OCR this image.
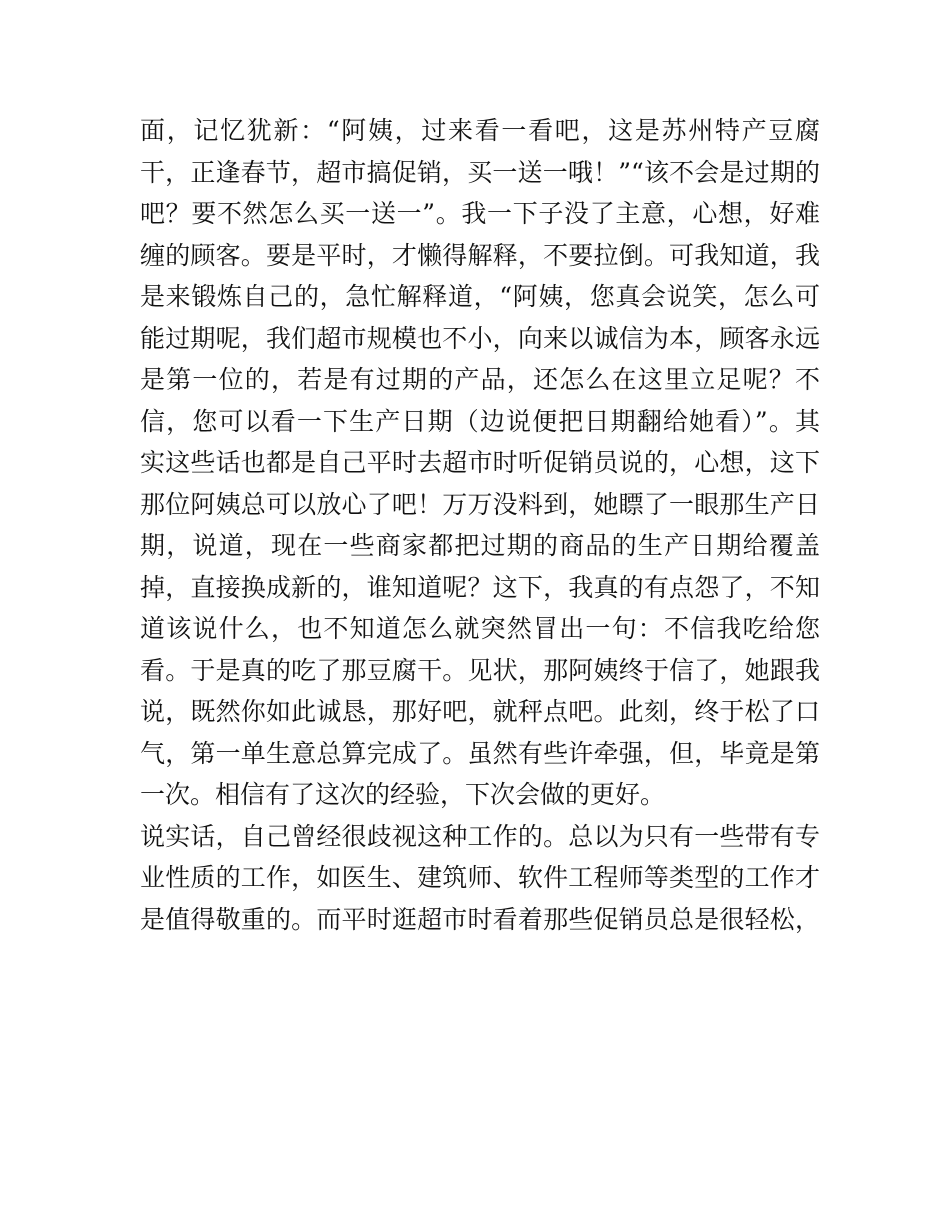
面，记忆犹新：“阿姨，过来看一看吧，这是苏州特产豆腐
干，正逢春节，超市搞促销，买一送一哦！”“该不会是过期的
吧？要不然怎么买一送一”。我一下子没了主意，心想，好难
缠的顾客。要是平时，才懒得解释，不要拉倒。可我知道，我
是来锻炼自己的，急忙解释道，“阿姨，您真会说笑，怎么可
能过期呢，我们超市规模也不小，向来以诚信为本，顾客永远
是第一位的，若是有过期的产品，还怎么在这里立足呢？不
信，您可以看一下生产日期（边说便把日期翻给她看）”。其
实这些话也都是自己平时去超市时听促销员说的，心想，这下
那位阿姨总可以放心了吧！万万没料到，她瞟了一眼那生产日
期，说道，现在一些商家都把过期的商品的生产日期给覆盖
掉，直接换成新的，谁知道呢？这下，我真的有点怨了，不知
道该说什么，也不知道怎么就突然冒出一句：不信我吃给您
看。于是真的吃了那豆腐干。见状，那阿姨终于信了，她跟我
说，既然你如此诚恳，那好吧，就秤点吧。此刻，终于松了口
气，第一单生意总算完成了。虽然有些许牵强，但，毕竟是第
一次。相信有了这次的经验，下次会做的更好。
说实话，自己曾经很歧视这种工作的。总以为只有一些带有专
业性质的工作，如医生、建筑师、软件工程师等类型的工作才
是值得敬重的。而平时逛超市时看着那些促销员总是很轻松，
